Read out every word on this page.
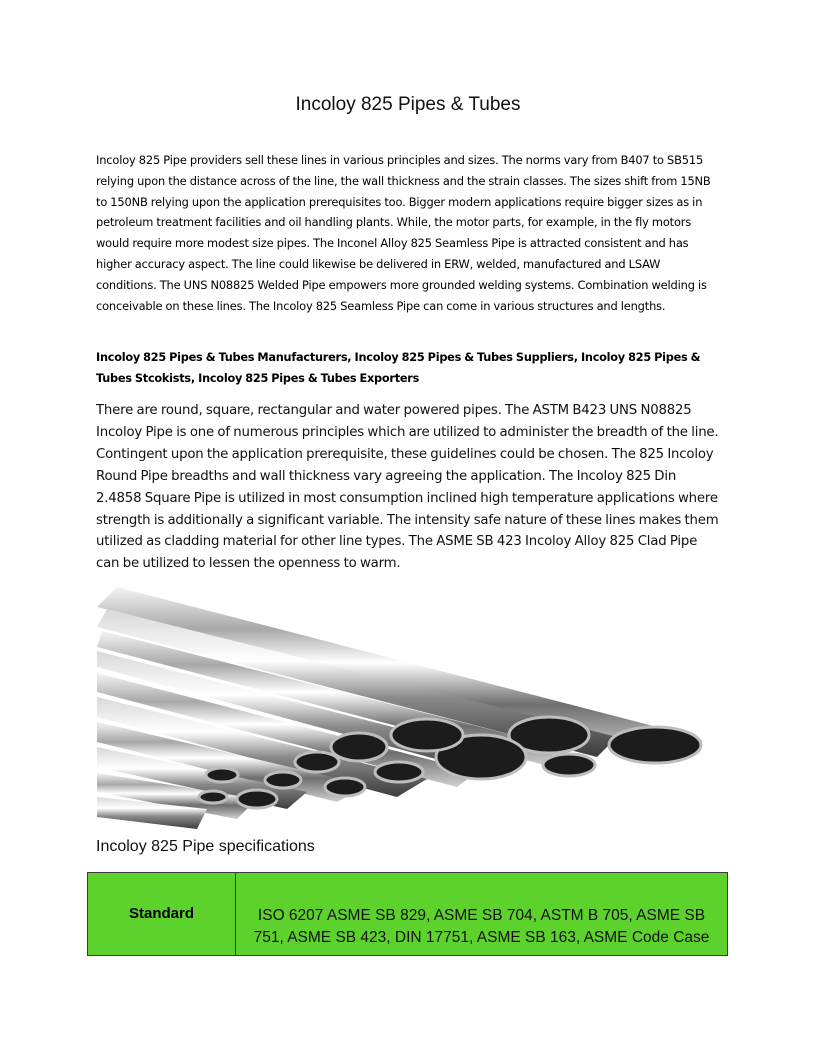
Incoloy 825 Pipes & Tubes
Incoloy 825 Pipe providers sell these lines in various principles and sizes. The norms vary from B407 to SB515 relying upon the distance across of the line, the wall thickness and the strain classes. The sizes shift from 15NB to 150NB relying upon the application prerequisites too. Bigger modern applications require bigger sizes as in petroleum treatment facilities and oil handling plants. While, the motor parts, for example, in the fly motors would require more modest size pipes. The Inconel Alloy 825 Seamless Pipe is attracted consistent and has higher accuracy aspect. The line could likewise be delivered in ERW, welded, manufactured and LSAW conditions. The UNS N08825 Welded Pipe empowers more grounded welding systems. Combination welding is conceivable on these lines. The Incoloy 825 Seamless Pipe can come in various structures and lengths.
Incoloy 825 Pipes & Tubes Manufacturers, Incoloy 825 Pipes & Tubes Suppliers, Incoloy 825 Pipes & Tubes Stcokists, Incoloy 825 Pipes & Tubes Exporters
There are round, square, rectangular and water powered pipes. The ASTM B423 UNS N08825 Incoloy Pipe is one of numerous principles which are utilized to administer the breadth of the line. Contingent upon the application prerequisite, these guidelines could be chosen. The 825 Incoloy Round Pipe breadths and wall thickness vary agreeing the application. The Incoloy 825 Din 2.4858 Square Pipe is utilized in most consumption inclined high temperature applications where strength is additionally a significant variable. The intensity safe nature of these lines makes them utilized as cladding material for other line types. The ASME SB 423 Incoloy Alloy 825 Clad Pipe can be utilized to lessen the openness to warm.
Incoloy 825 Pipe specifications
Standard	ISO 6207 ASME SB 829, ASME SB 704, ASTM B 705, ASME SB 751, ASME SB 423, DIN 17751, ASME SB 163, ASME Code Case
